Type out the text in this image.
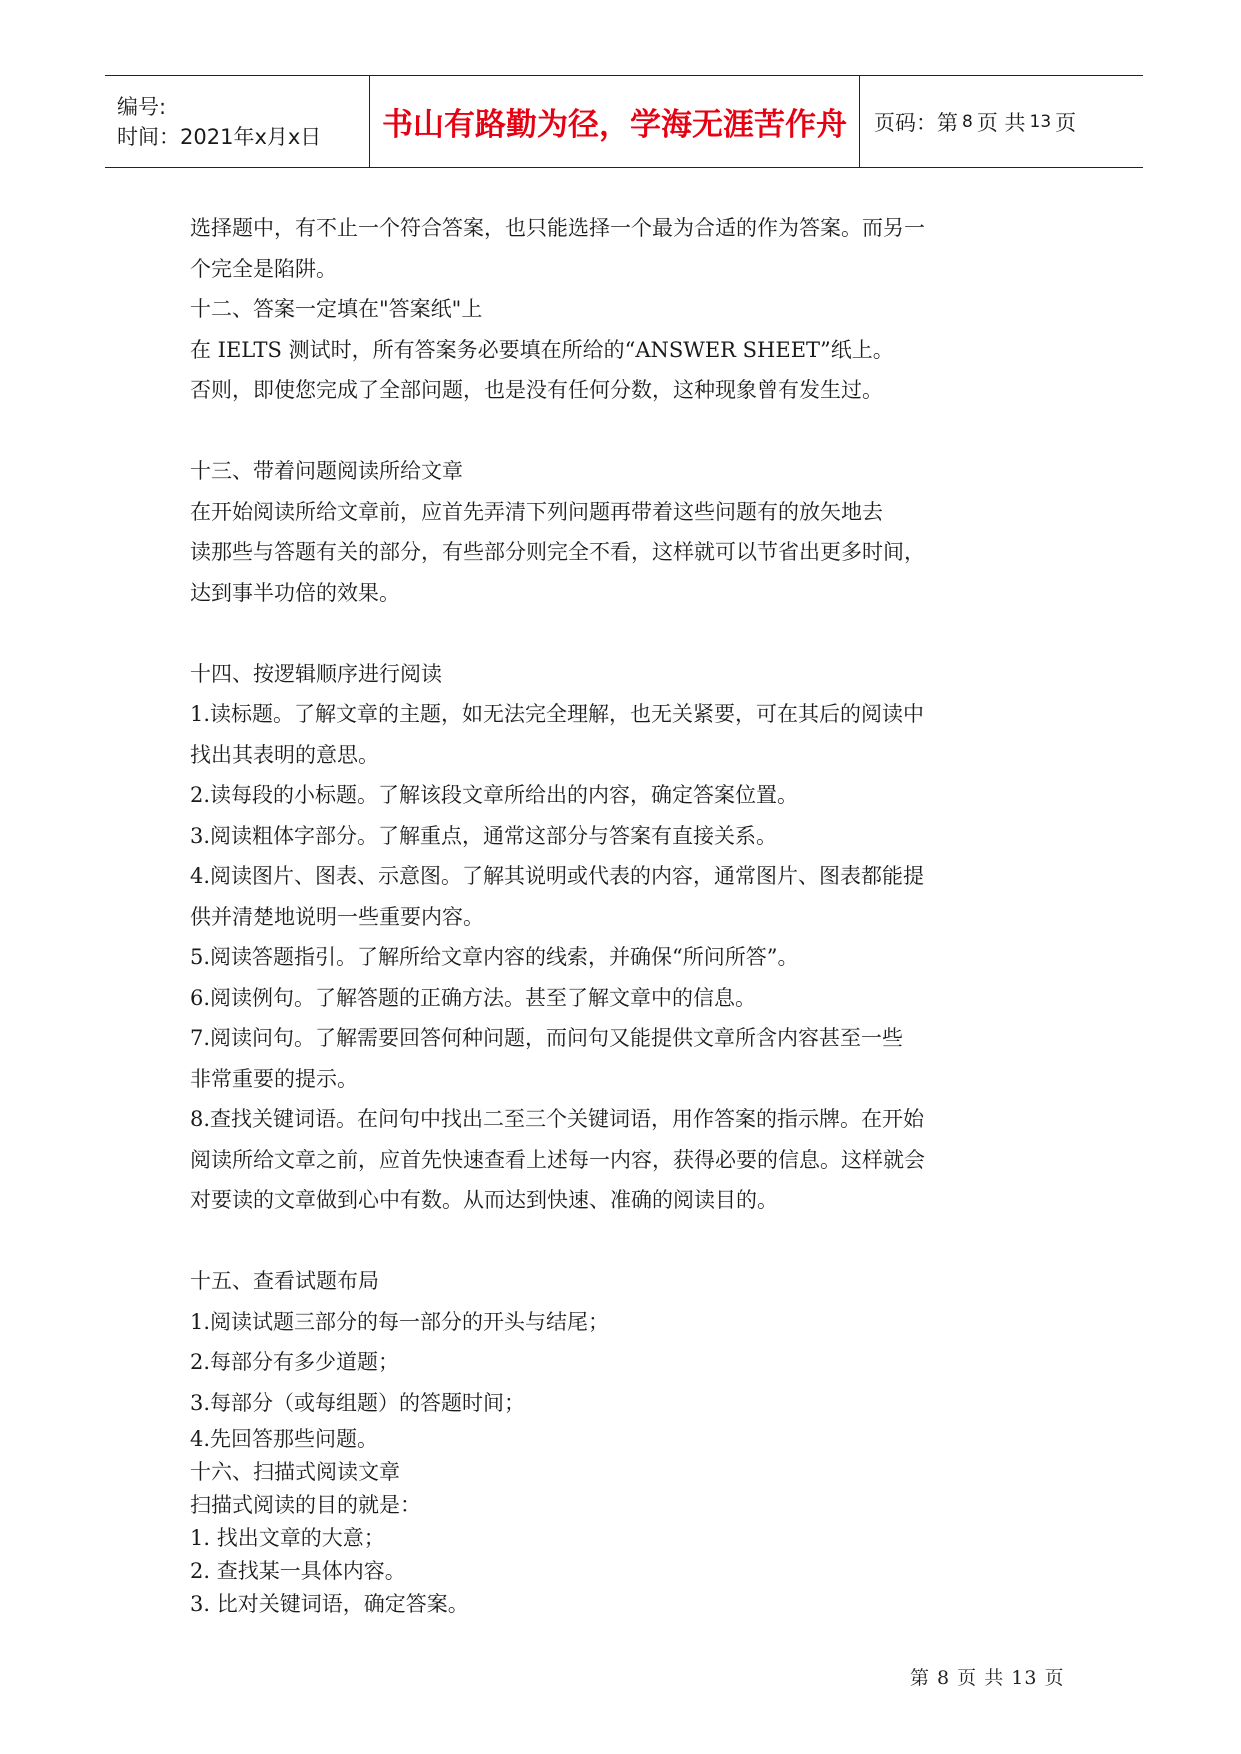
编号:
时间：2021年x月x日	书山有路勤为径，学海无涯苦作舟 页码：第 8 页 共 13 页
选择题中，有不止一个符合答案，也只能选择一个最为合适的作为答案。而另一
个完全是陷阱。
十二、答案一定填在"答案纸"上
在 IELTS 测试时，所有答案务必要填在所给的“ANSWER SHEET”纸上。
否则，即使您完成了全部问题，也是没有任何分数，这种现象曾有发生过。
十三、带着问题阅读所给文章
在开始阅读所给文章前，应首先弄清下列问题再带着这些问题有的放矢地去
读那些与答题有关的部分，有些部分则完全不看，这样就可以节省出更多时间，
达到事半功倍的效果。
十四、按逻辑顺序进行阅读
1.读标题。了解文章的主题，如无法完全理解，也无关紧要，可在其后的阅读中
找出其表明的意思。
2.读每段的小标题。了解该段文章所给出的内容，确定答案位置。
3.阅读粗体字部分。了解重点，通常这部分与答案有直接关系。
4.阅读图片、图表、示意图。了解其说明或代表的内容，通常图片、图表都能提
供并清楚地说明一些重要内容。
5.阅读答题指引。了解所给文章内容的线索，并确保“所问所答”。
6.阅读例句。了解答题的正确方法。甚至了解文章中的信息。
7.阅读问句。了解需要回答何种问题，而问句又能提供文章所含内容甚至一些
非常重要的提示。
8.查找关键词语。在问句中找出二至三个关键词语，用作答案的指示牌。在开始
阅读所给文章之前，应首先快速查看上述每一内容，获得必要的信息。这样就会
对要读的文章做到心中有数。从而达到快速、准确的阅读目的。
十五、查看试题布局
1.阅读试题三部分的每一部分的开头与结尾；
2.每部分有多少道题；
3.每部分（或每组题）的答题时间；
4.先回答那些问题。
十六、扫描式阅读文章
扫描式阅读的目的就是：
1. 找出文章的大意；
2. 查找某一具体内容。
3. 比对关键词语，确定答案。
第 8 页 共 13 页
